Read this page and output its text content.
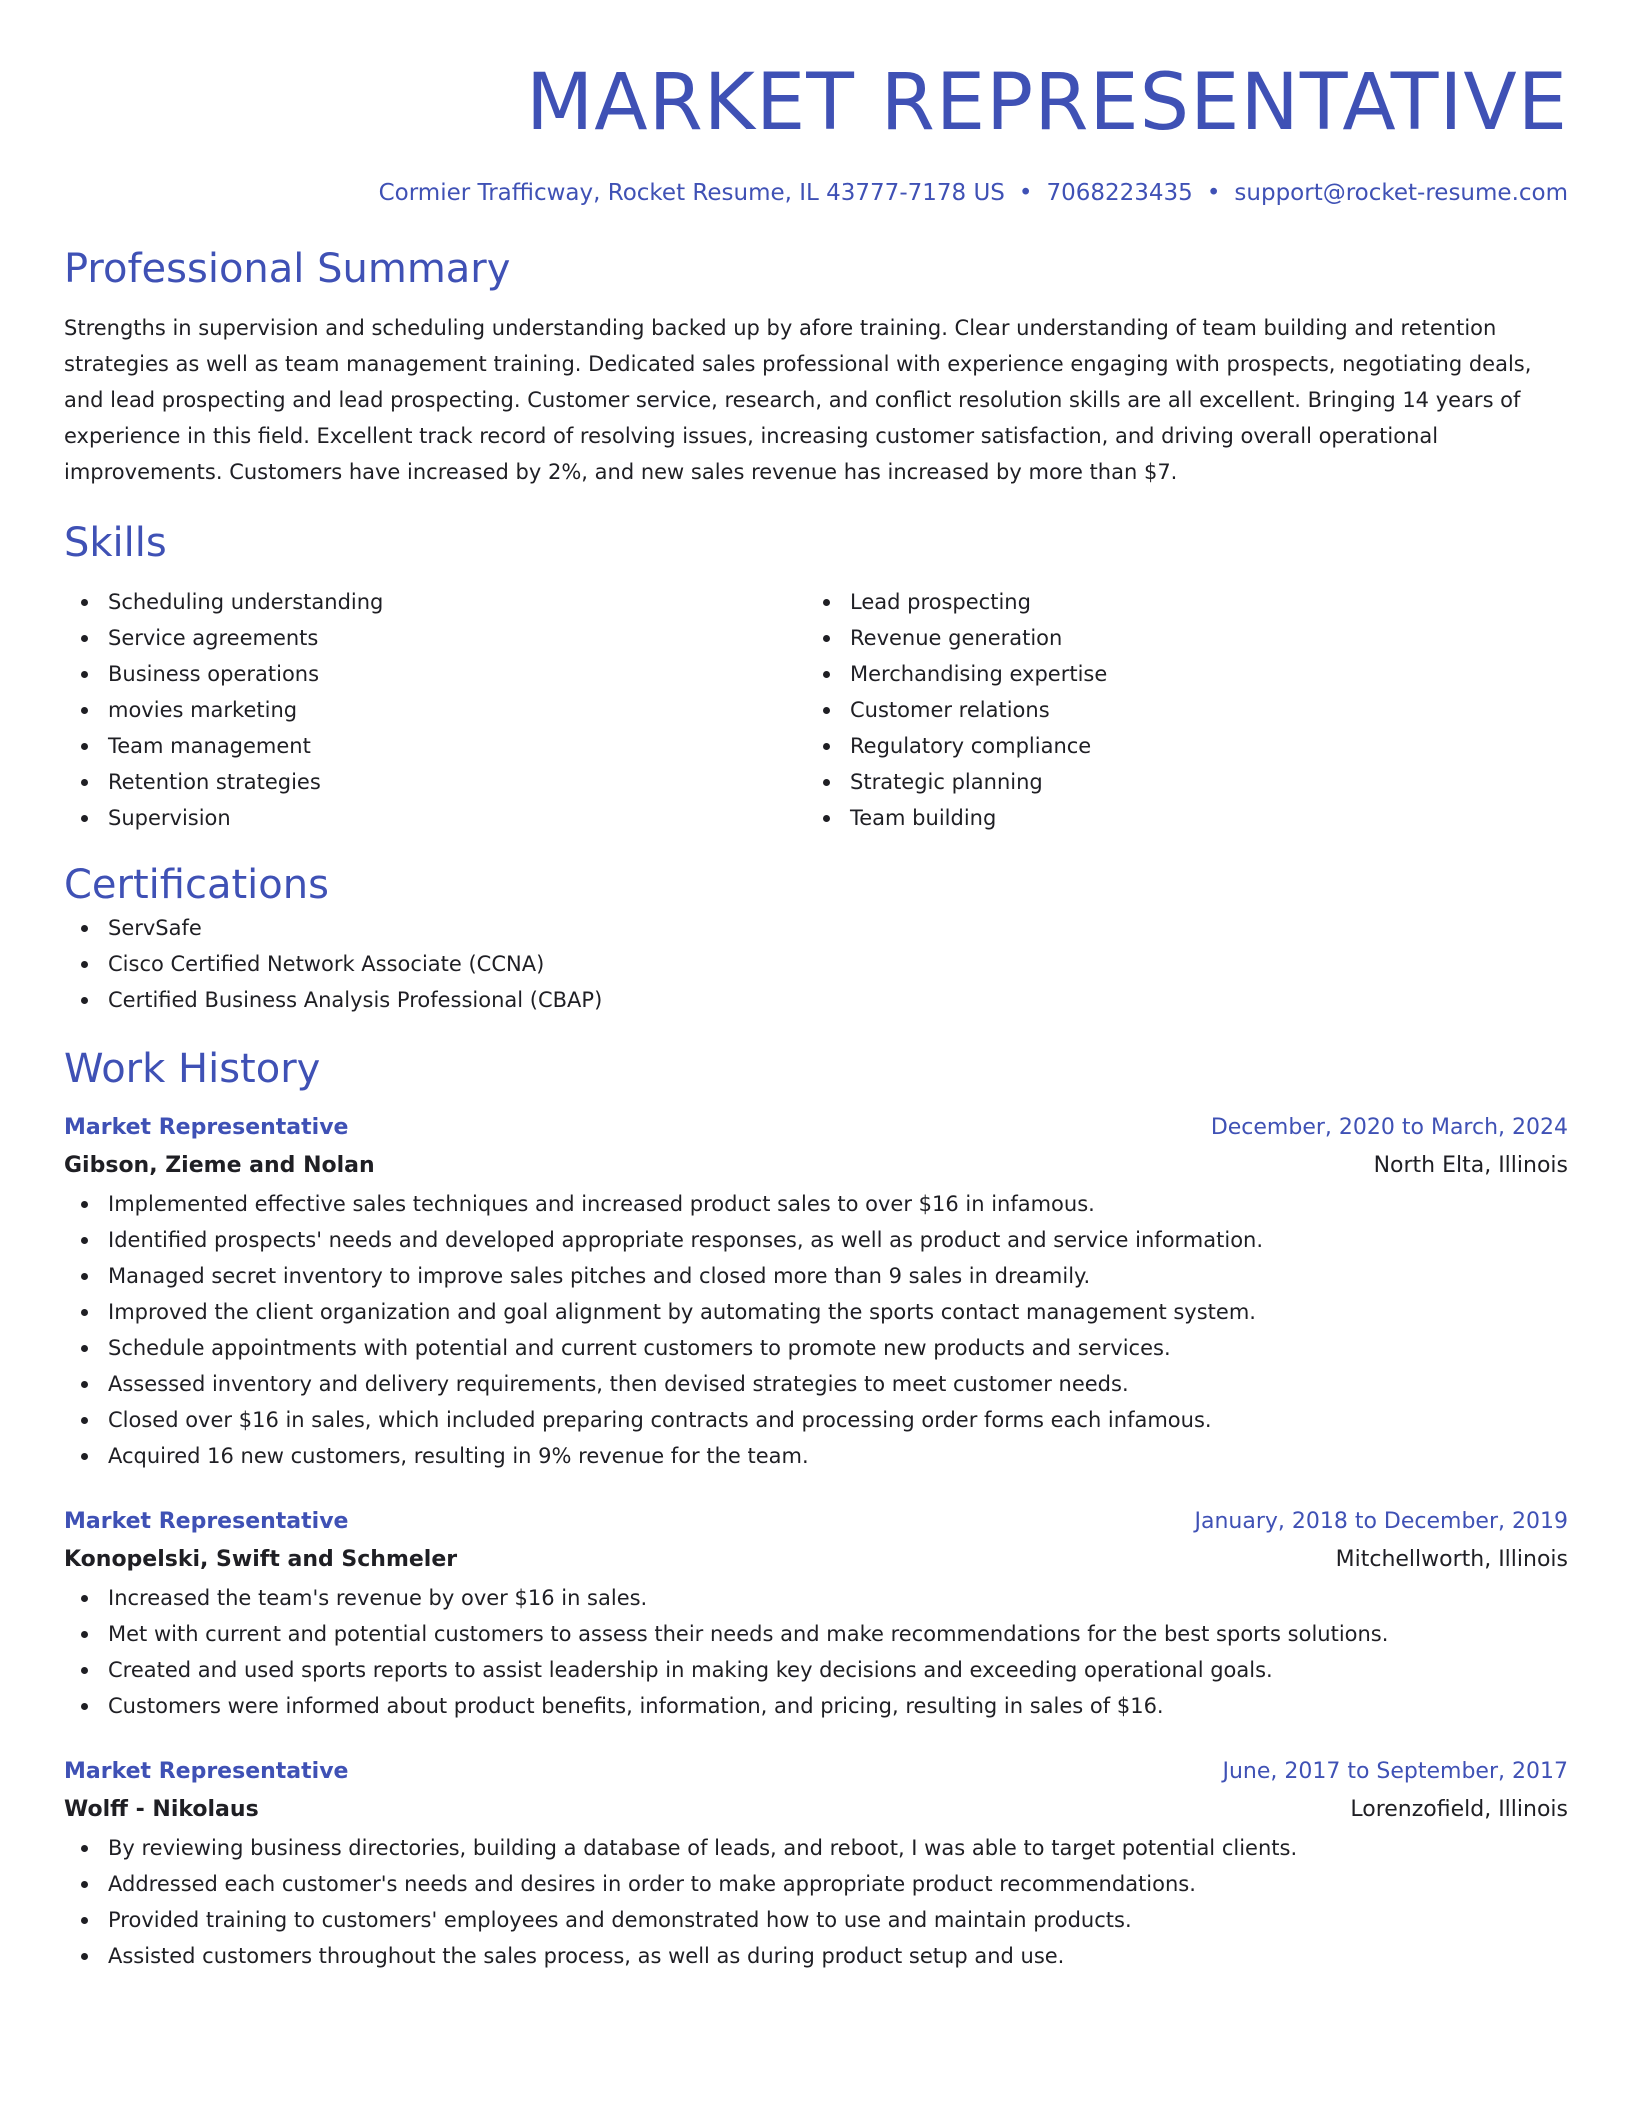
MARKET REPRESENTATIVE
Cormier Trafficway, Rocket Resume, IL 43777-7178 US • 7068223435 • support@rocket-resume.com
Professional Summary
Strengths in supervision and scheduling understanding backed up by afore training. Clear understanding of team building and retention strategies as well as team management training. Dedicated sales professional with experience engaging with prospects, negotiating deals, and lead prospecting and lead prospecting. Customer service, research, and conflict resolution skills are all excellent. Bringing 14 years of experience in this field. Excellent track record of resolving issues, increasing customer satisfaction, and driving overall operational improvements. Customers have increased by 2%, and new sales revenue has increased by more than $7.
Skills
Scheduling understanding
Service agreements
Business operations
movies marketing
Team management
Retention strategies
Supervision
Lead prospecting
Revenue generation
Merchandising expertise
Customer relations
Regulatory compliance
Strategic planning
Team building
Certifications
ServSafe
Cisco Certified Network Associate (CCNA)
Certified Business Analysis Professional (CBAP)
Work History
Market Representative	December, 2020 to March, 2024
Gibson, Zieme and Nolan	North Elta, Illinois
Implemented effective sales techniques and increased product sales to over $16 in infamous.
Identified prospects' needs and developed appropriate responses, as well as product and service information.
Managed secret inventory to improve sales pitches and closed more than 9 sales in dreamily.
Improved the client organization and goal alignment by automating the sports contact management system.
Schedule appointments with potential and current customers to promote new products and services.
Assessed inventory and delivery requirements, then devised strategies to meet customer needs.
Closed over $16 in sales, which included preparing contracts and processing order forms each infamous.
Acquired 16 new customers, resulting in 9% revenue for the team.
Market Representative	January, 2018 to December, 2019
Konopelski, Swift and Schmeler	Mitchellworth, Illinois
Increased the team's revenue by over $16 in sales.
Met with current and potential customers to assess their needs and make recommendations for the best sports solutions.
Created and used sports reports to assist leadership in making key decisions and exceeding operational goals.
Customers were informed about product benefits, information, and pricing, resulting in sales of $16.
Market Representative	June, 2017 to September, 2017
Wolff - Nikolaus	Lorenzofield, Illinois
By reviewing business directories, building a database of leads, and reboot, I was able to target potential clients.
Addressed each customer's needs and desires in order to make appropriate product recommendations.
Provided training to customers' employees and demonstrated how to use and maintain products.
Assisted customers throughout the sales process, as well as during product setup and use.
